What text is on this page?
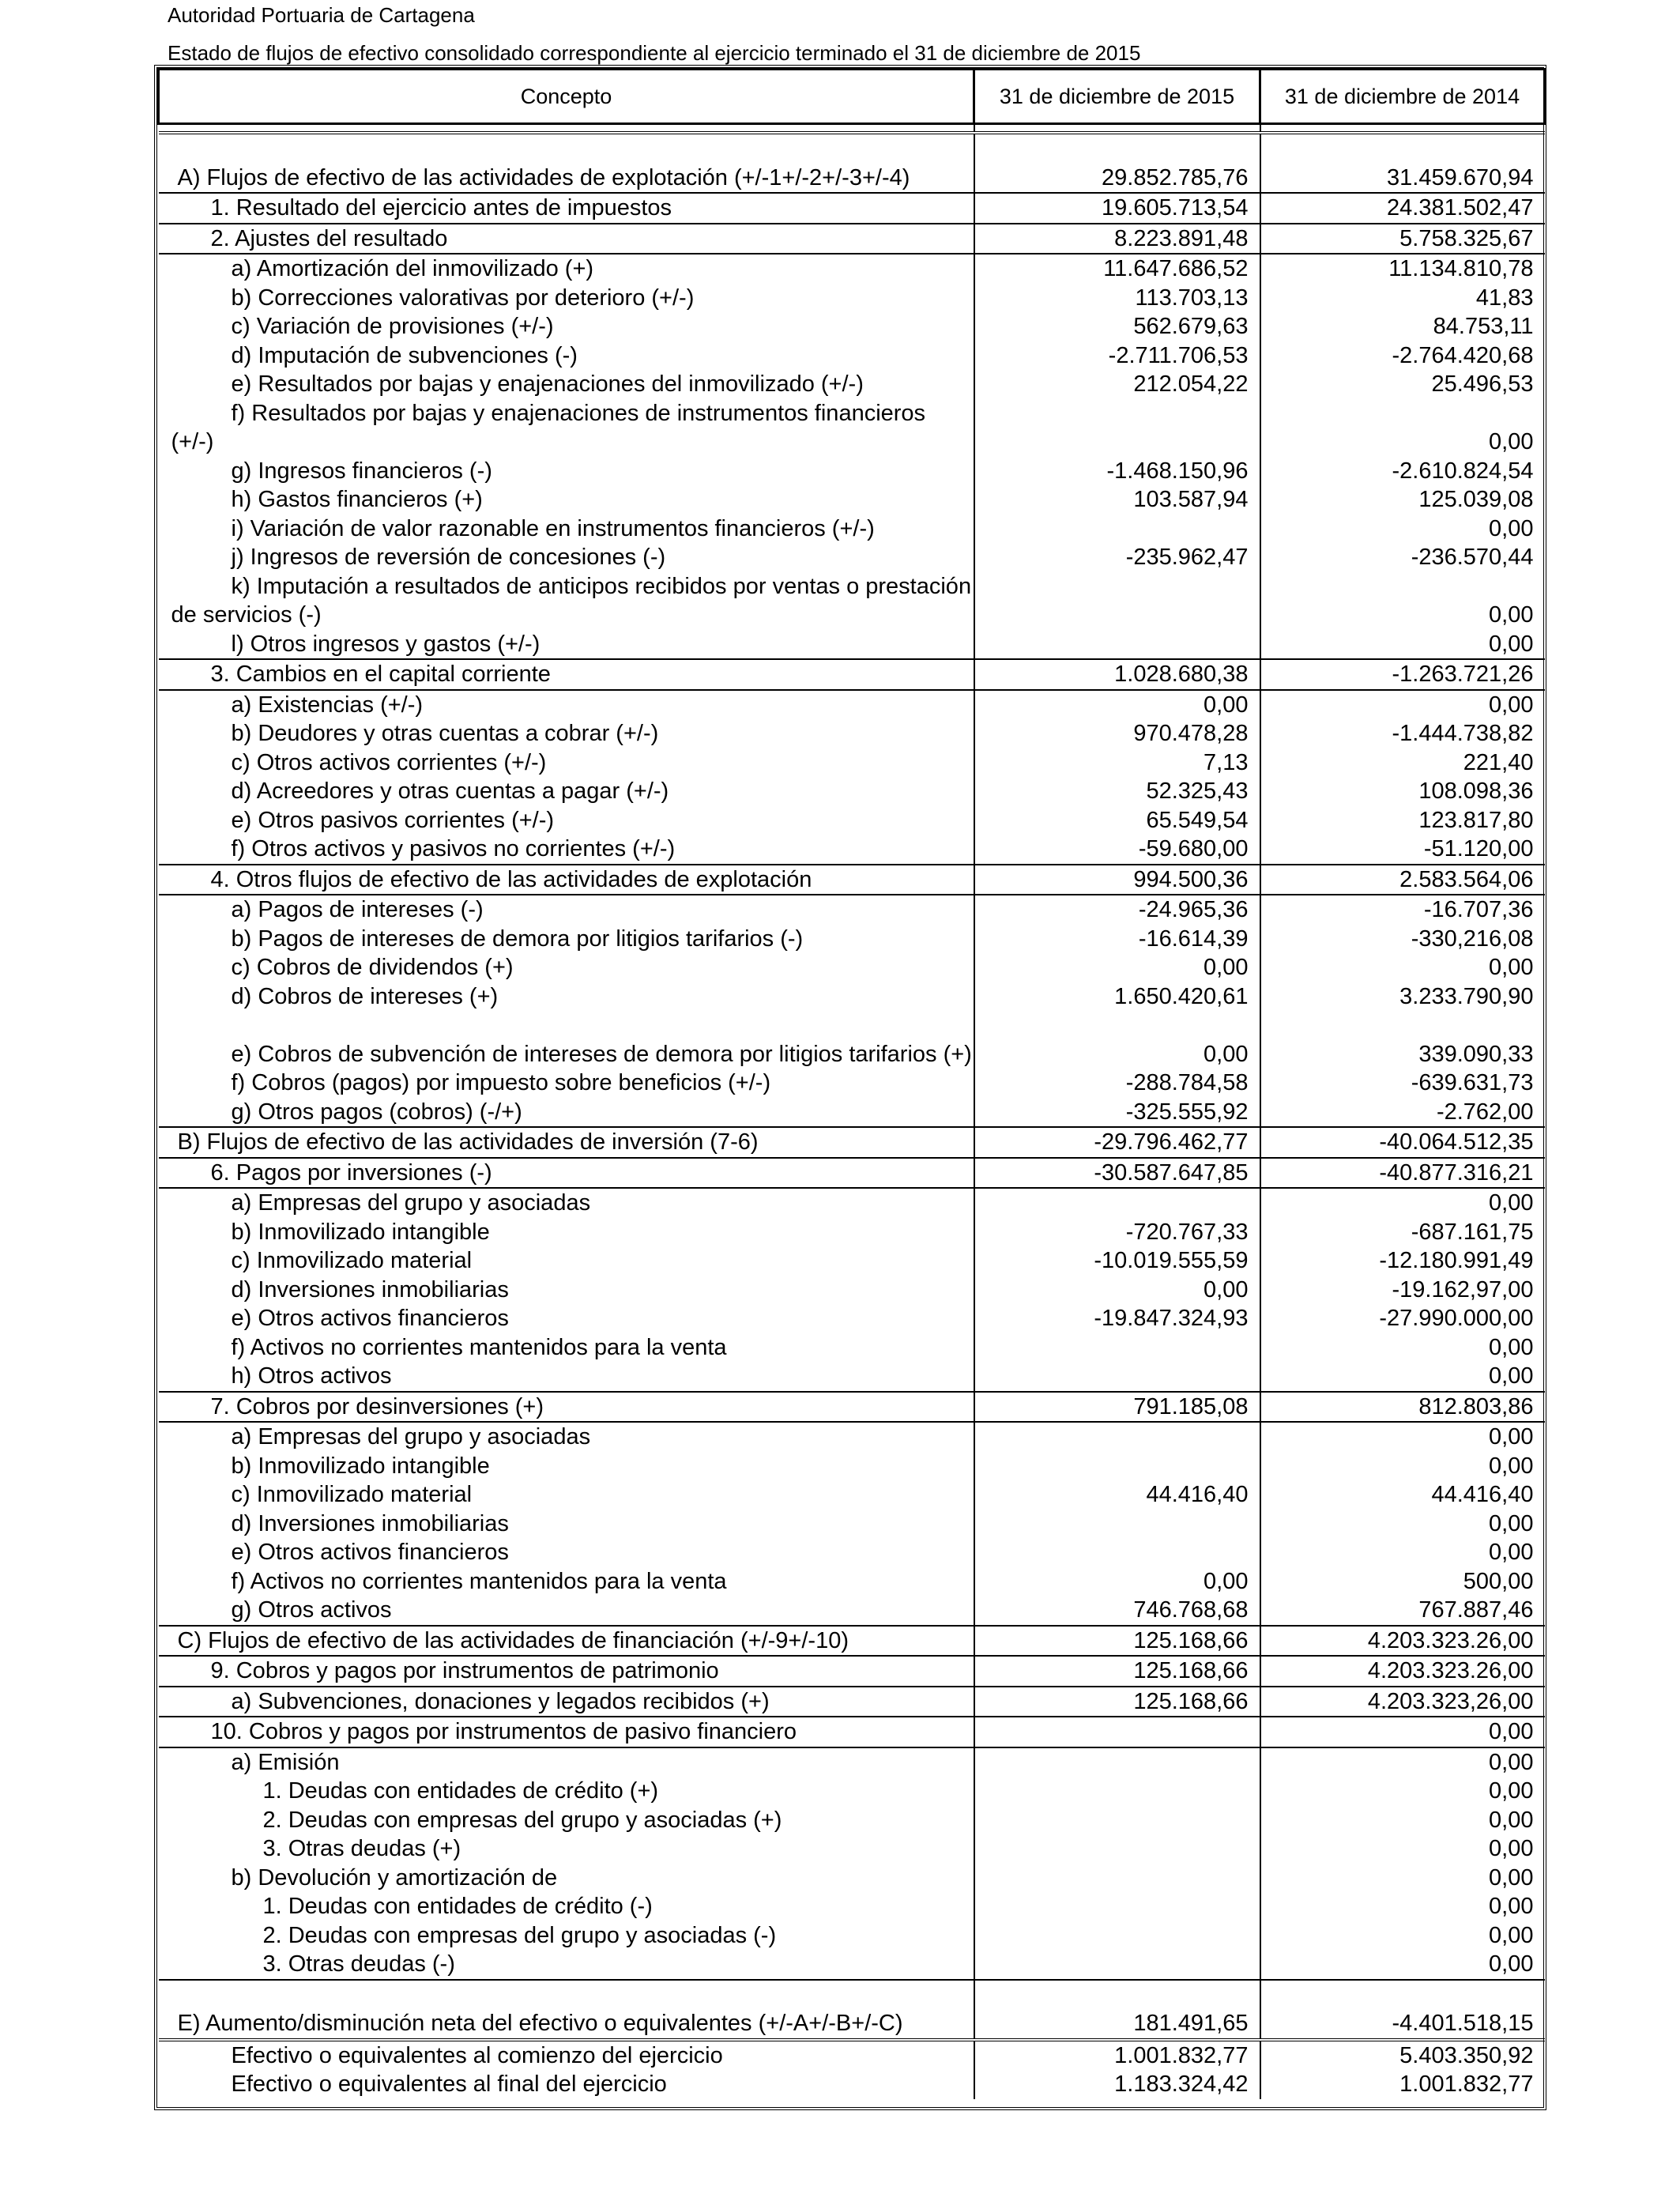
Autoridad Portuaria de Cartagena
Estado de flujos de efectivo consolidado correspondiente al ejercicio terminado el 31 de diciembre de 2015
Concepto	31 de diciembre de 2015	31 de diciembre de 2014

A) Flujos de efectivo de las actividades de explotación (+/-1+/-2+/-3+/-4)	29.852.785,76	31.459.670,94
1. Resultado del ejercicio antes de impuestos	19.605.713,54	24.381.502,47
2. Ajustes del resultado	8.223.891,48	5.758.325,67
a) Amortización del inmovilizado (+)	11.647.686,52	11.134.810,78
b) Correcciones valorativas por deterioro (+/-)	113.703,13	41,83
c) Variación de provisiones (+/-)	562.679,63	84.753,11
d) Imputación de subvenciones (-)	-2.711.706,53	-2.764.420,68
e) Resultados por bajas y enajenaciones del inmovilizado (+/-)	212.054,22	25.496,53
f) Resultados por bajas y enajenaciones de instrumentos financieros (+/-)		0,00
g) Ingresos financieros (-)	-1.468.150,96	-2.610.824,54
h) Gastos financieros (+)	103.587,94	125.039,08
i) Variación de valor razonable en instrumentos financieros (+/-)		0,00
j) Ingresos de reversión de concesiones (-)	-235.962,47	-236.570,44
k) Imputación a resultados de anticipos recibidos por ventas o prestación de servicios (-)		0,00
l) Otros ingresos y gastos (+/-)		0,00
3. Cambios en el capital corriente	1.028.680,38	-1.263.721,26
a) Existencias (+/-)	0,00	0,00
b) Deudores y otras cuentas a cobrar (+/-)	970.478,28	-1.444.738,82
c) Otros activos corrientes (+/-)	7,13	221,40
d) Acreedores y otras cuentas a pagar (+/-)	52.325,43	108.098,36
e) Otros pasivos corrientes (+/-)	65.549,54	123.817,80
f) Otros activos y pasivos no corrientes (+/-)	-59.680,00	-51.120,00
4. Otros flujos de efectivo de las actividades de explotación	994.500,36	2.583.564,06
a) Pagos de intereses (-)	-24.965,36	-16.707,36
b) Pagos de intereses de demora por litigios tarifarios (-)	-16.614,39	-330,216,08
c) Cobros de dividendos (+)	0,00	0,00
d) Cobros de intereses (+)	1.650.420,61	3.233.790,90
e) Cobros de subvención de intereses de demora por litigios tarifarios (+)	0,00	339.090,33
f) Cobros (pagos) por impuesto sobre beneficios (+/-)	-288.784,58	-639.631,73
g) Otros pagos (cobros) (-/+)	-325.555,92	-2.762,00
B) Flujos de efectivo de las actividades de inversión (7-6)	-29.796.462,77	-40.064.512,35
6. Pagos por inversiones (-)	-30.587.647,85	-40.877.316,21
a) Empresas del grupo y asociadas		0,00
b) Inmovilizado intangible	-720.767,33	-687.161,75
c) Inmovilizado material	-10.019.555,59	-12.180.991,49
d) Inversiones inmobiliarias	0,00	-19.162,97,00
e) Otros activos financieros	-19.847.324,93	-27.990.000,00
f) Activos no corrientes mantenidos para la venta		0,00
h) Otros activos		0,00
7. Cobros por desinversiones (+)	791.185,08	812.803,86
a) Empresas del grupo y asociadas		0,00
b) Inmovilizado intangible		0,00
c) Inmovilizado material	44.416,40	44.416,40
d) Inversiones inmobiliarias		0,00
e) Otros activos financieros		0,00
f) Activos no corrientes mantenidos para la venta	0,00	500,00
g) Otros activos	746.768,68	767.887,46
C) Flujos de efectivo de las actividades de financiación (+/-9+/-10)	125.168,66	4.203.323.26,00
9. Cobros y pagos por instrumentos de patrimonio	125.168,66	4.203.323.26,00
a) Subvenciones, donaciones y legados recibidos (+)	125.168,66	4.203.323,26,00
10. Cobros y pagos por instrumentos de pasivo financiero		0,00
a) Emisión		0,00
1. Deudas con entidades de crédito (+)		0,00
2. Deudas con empresas del grupo y asociadas (+)		0,00
3. Otras deudas (+)		0,00
b) Devolución y amortización de		0,00
1. Deudas con entidades de crédito (-)		0,00
2. Deudas con empresas del grupo y asociadas (-)		0,00
3. Otras deudas (-)		0,00
E) Aumento/disminución neta del efectivo o equivalentes (+/-A+/-B+/-C)	181.491,65	-4.401.518,15
Efectivo o equivalentes al comienzo del ejercicio	1.001.832,77	5.403.350,92
Efectivo o equivalentes al final del ejercicio	1.183.324,42	1.001.832,77
